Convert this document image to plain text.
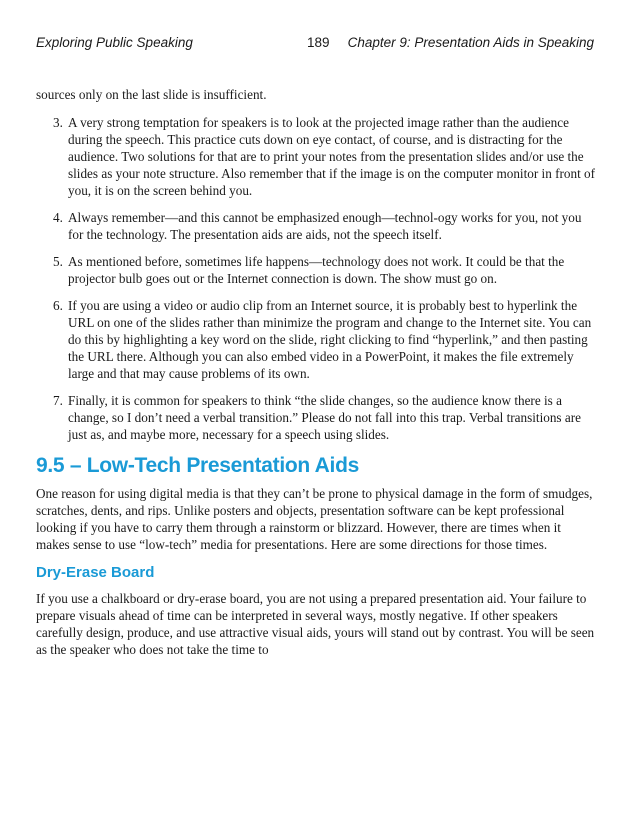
Exploring Public Speaking	189 Chapter 9: Presentation Aids in Speaking

sources only on the last slide is insufficient.

3. A very strong temptation for speakers is to look at the projected image rather than the audience during the speech. This practice cuts down on eye contact, of course, and is distracting for the audience. Two solutions for that are to print your notes from the presentation slides and/or use the slides as your note structure. Also remember that if the image is on the computer monitor in front of you, it is on the screen behind you.
4. Always remember—and this cannot be emphasized enough—technol-ogy works for you, not you for the technology. The presentation aids are aids, not the speech itself.
5. As mentioned before, sometimes life happens—technology does not work. It could be that the projector bulb goes out or the Internet connection is down. The show must go on.
6. If you are using a video or audio clip from an Internet source, it is probably best to hyperlink the URL on one of the slides rather than minimize the program and change to the Internet site. You can do this by highlighting a key word on the slide, right clicking to find “hyperlink,” and then pasting the URL there. Although you can also embed video in a PowerPoint, it makes the file extremely large and that may cause problems of its own.
7. Finally, it is common for speakers to think “the slide changes, so the audience know there is a change, so I don’t need a verbal transition.” Please do not fall into this trap. Verbal transitions are just as, and maybe more, necessary for a speech using slides.
9.5 – Low-Tech Presentation Aids

One reason for using digital media is that they can’t be prone to physical damage in the form of smudges, scratches, dents, and rips. Unlike posters and objects, presentation software can be kept professional looking if you have to carry them through a rainstorm or blizzard. However, there are times when it makes sense to use “low-tech” media for presentations. Here are some directions for those times.

Dry-Erase Board

If you use a chalkboard or dry-erase board, you are not using a prepared presentation aid. Your failure to prepare visuals ahead of time can be interpreted in several ways, mostly negative. If other speakers carefully design, produce, and use attractive visual aids, yours will stand out by contrast. You will be seen as the speaker who does not take the time to
